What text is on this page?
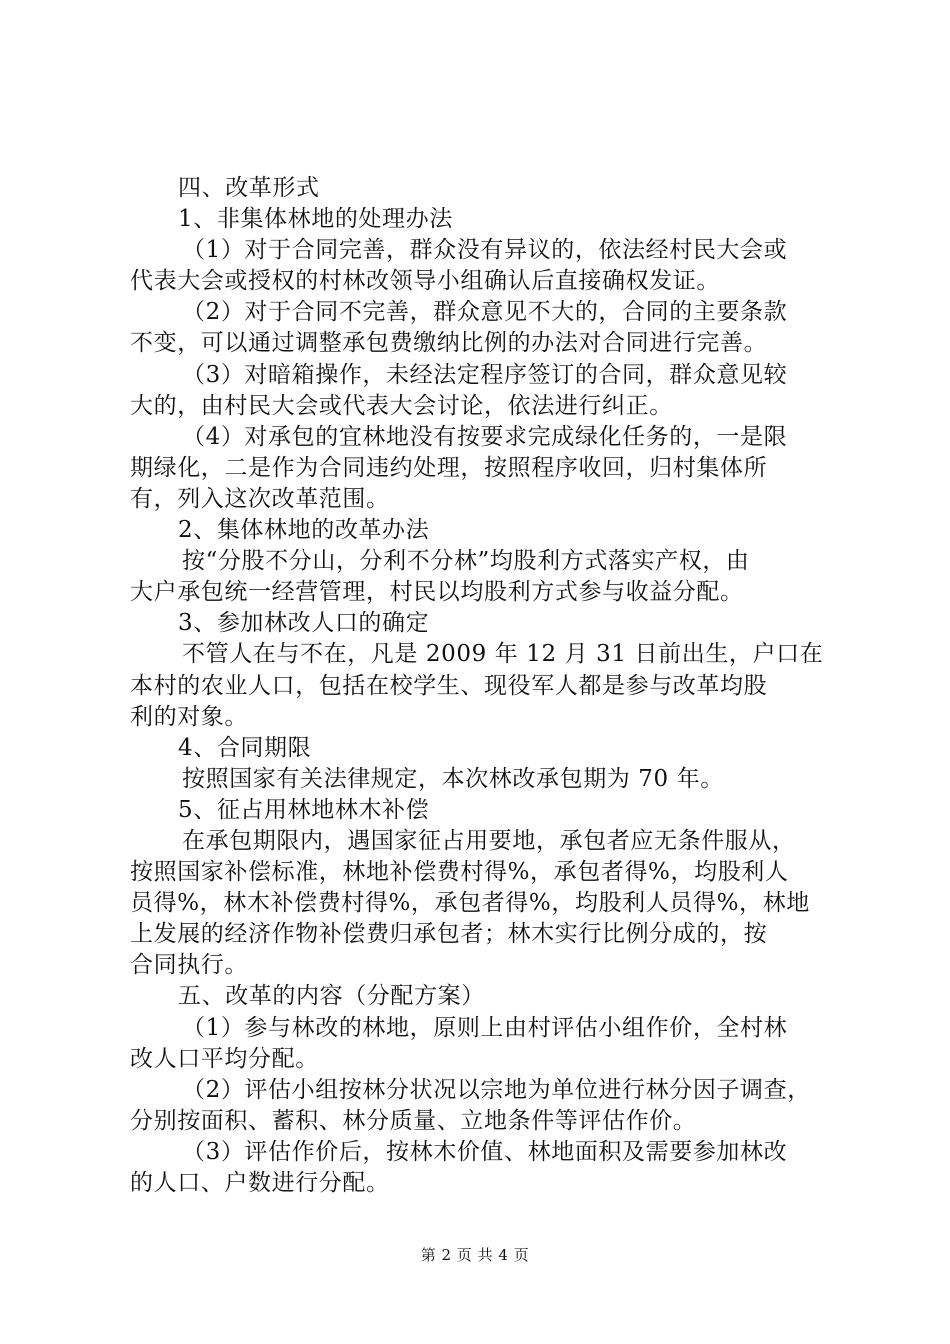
四、改革形式
1、非集体林地的处理办法
（1）对于合同完善，群众没有异议的，依法经村民大会或
代表大会或授权的村林改领导小组确认后直接确权发证。
（2）对于合同不完善，群众意见不大的，合同的主要条款
不变，可以通过调整承包费缴纳比例的办法对合同进行完善。
（3）对暗箱操作，未经法定程序签订的合同，群众意见较
大的，由村民大会或代表大会讨论，依法进行纠正。
（4）对承包的宜林地没有按要求完成绿化任务的，一是限
期绿化，二是作为合同违约处理，按照程序收回，归村集体所
有，列入这次改革范围。
2、集体林地的改革办法
按“分股不分山，分利不分林”均股利方式落实产权，由
大户承包统一经营管理，村民以均股利方式参与收益分配。
3、参加林改人口的确定
不管人在与不在，凡是 2009 年 12 月 31 日前出生，户口在
本村的农业人口，包括在校学生、现役军人都是参与改革均股
利的对象。
4、合同期限
按照国家有关法律规定，本次林改承包期为 70 年。
5、征占用林地林木补偿
在承包期限内，遇国家征占用要地，承包者应无条件服从，
按照国家补偿标准，林地补偿费村得%，承包者得%，均股利人
员得%，林木补偿费村得%，承包者得%，均股利人员得%，林地
上发展的经济作物补偿费归承包者；林木实行比例分成的，按
合同执行。
五、改革的内容（分配方案）
（1）参与林改的林地，原则上由村评估小组作价，全村林
改人口平均分配。
（2）评估小组按林分状况以宗地为单位进行林分因子调查，
分别按面积、蓄积、林分质量、立地条件等评估作价。
（3）评估作价后，按林木价值、林地面积及需要参加林改
的人口、户数进行分配。
第 2 页 共 4 页
